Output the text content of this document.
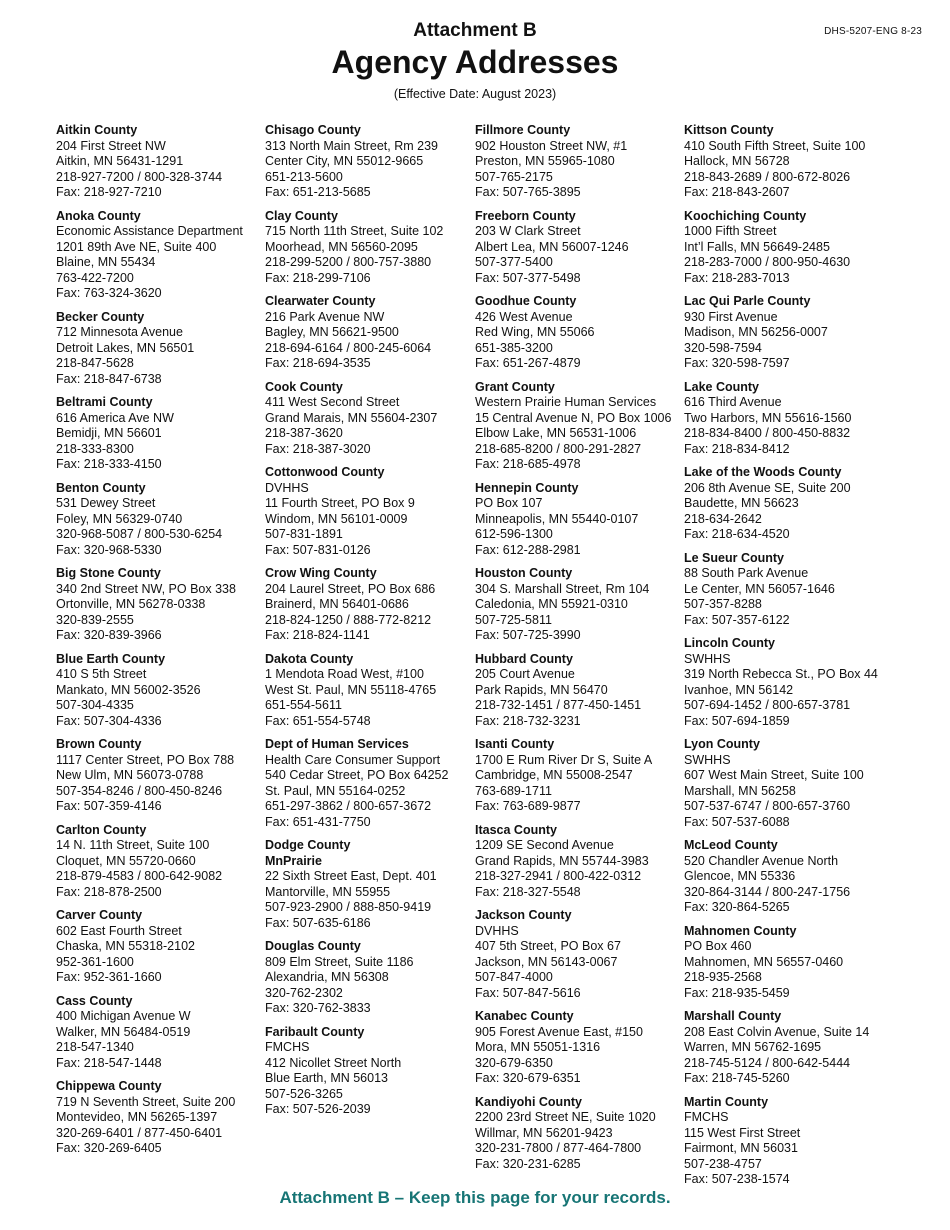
DHS-5207-ENG 8-23
Attachment B
Agency Addresses
(Effective Date: August 2023)
Aitkin County
204 First Street NW
Aitkin, MN 56431-1291
218-927-7200 / 800-328-3744
Fax: 218-927-7210
Anoka County
Economic Assistance Department
1201 89th Ave NE, Suite 400
Blaine, MN 55434
763-422-7200
Fax: 763-324-3620
Becker County
712 Minnesota Avenue
Detroit Lakes, MN 56501
218-847-5628
Fax: 218-847-6738
Beltrami County
616 America Ave NW
Bemidji, MN 56601
218-333-8300
Fax: 218-333-4150
Benton County
531 Dewey Street
Foley, MN 56329-0740
320-968-5087 / 800-530-6254
Fax: 320-968-5330
Big Stone County
340 2nd Street NW, PO Box 338
Ortonville, MN 56278-0338
320-839-2555
Fax: 320-839-3966
Blue Earth County
410 S 5th Street
Mankato, MN 56002-3526
507-304-4335
Fax: 507-304-4336
Brown County
1117 Center Street, PO Box 788
New Ulm, MN 56073-0788
507-354-8246 / 800-450-8246
Fax: 507-359-4146
Carlton County
14 N. 11th Street, Suite 100
Cloquet, MN 55720-0660
218-879-4583 / 800-642-9082
Fax: 218-878-2500
Carver County
602 East Fourth Street
Chaska, MN 55318-2102
952-361-1600
Fax: 952-361-1660
Cass County
400 Michigan Avenue W
Walker, MN 56484-0519
218-547-1340
Fax: 218-547-1448
Chippewa County
719 N Seventh Street, Suite 200
Montevideo, MN 56265-1397
320-269-6401 / 877-450-6401
Fax: 320-269-6405
Chisago County
313 North Main Street, Rm 239
Center City, MN 55012-9665
651-213-5600
Fax: 651-213-5685
Clay County
715 North 11th Street, Suite 102
Moorhead, MN 56560-2095
218-299-5200 / 800-757-3880
Fax: 218-299-7106
Clearwater County
216 Park Avenue NW
Bagley, MN 56621-9500
218-694-6164 / 800-245-6064
Fax: 218-694-3535
Cook County
411 West Second Street
Grand Marais, MN 55604-2307
218-387-3620
Fax: 218-387-3020
Cottonwood County
DVHHS
11 Fourth Street, PO Box 9
Windom, MN 56101-0009
507-831-1891
Fax: 507-831-0126
Crow Wing County
204 Laurel Street, PO Box 686
Brainerd, MN 56401-0686
218-824-1250 / 888-772-8212
Fax: 218-824-1141
Dakota County
1 Mendota Road West, #100
West St. Paul, MN 55118-4765
651-554-5611
Fax: 651-554-5748
Dept of Human Services
Health Care Consumer Support
540 Cedar Street, PO Box 64252
St. Paul, MN 55164-0252
651-297-3862 / 800-657-3672
Fax: 651-431-7750
Dodge County
MnPrairie
22 Sixth Street East, Dept. 401
Mantorville, MN 55955
507-923-2900 / 888-850-9419
Fax: 507-635-6186
Douglas County
809 Elm Street, Suite 1186
Alexandria, MN 56308
320-762-2302
Fax: 320-762-3833
Faribault County
FMCHS
412 Nicollet Street North
Blue Earth, MN 56013
507-526-3265
Fax: 507-526-2039
Fillmore County
902 Houston Street NW, #1
Preston, MN 55965-1080
507-765-2175
Fax: 507-765-3895
Freeborn County
203 W Clark Street
Albert Lea, MN 56007-1246
507-377-5400
Fax: 507-377-5498
Goodhue County
426 West Avenue
Red Wing, MN 55066
651-385-3200
Fax: 651-267-4879
Grant County
Western Prairie Human Services
15 Central Avenue N, PO Box 1006
Elbow Lake, MN 56531-1006
218-685-8200 / 800-291-2827
Fax: 218-685-4978
Hennepin County
PO Box 107
Minneapolis, MN 55440-0107
612-596-1300
Fax: 612-288-2981
Houston County
304 S. Marshall Street, Rm 104
Caledonia, MN 55921-0310
507-725-5811
Fax: 507-725-3990
Hubbard County
205 Court Avenue
Park Rapids, MN 56470
218-732-1451 / 877-450-1451
Fax: 218-732-3231
Isanti County
1700 E Rum River Dr S, Suite A
Cambridge, MN 55008-2547
763-689-1711
Fax: 763-689-9877
Itasca County
1209 SE Second Avenue
Grand Rapids, MN 55744-3983
218-327-2941 / 800-422-0312
Fax: 218-327-5548
Jackson County
DVHHS
407 5th Street, PO Box 67
Jackson, MN 56143-0067
507-847-4000
Fax: 507-847-5616
Kanabec County
905 Forest Avenue East, #150
Mora, MN 55051-1316
320-679-6350
Fax: 320-679-6351
Kandiyohi County
2200 23rd Street NE, Suite 1020
Willmar, MN 56201-9423
320-231-7800 / 877-464-7800
Fax: 320-231-6285
Kittson County
410 South Fifth Street, Suite 100
Hallock, MN 56728
218-843-2689 / 800-672-8026
Fax: 218-843-2607
Koochiching County
1000 Fifth Street
Int’l Falls, MN 56649-2485
218-283-7000 / 800-950-4630
Fax: 218-283-7013
Lac Qui Parle County
930 First Avenue
Madison, MN 56256-0007
320-598-7594
Fax: 320-598-7597
Lake County
616 Third Avenue
Two Harbors, MN 55616-1560
218-834-8400 / 800-450-8832
Fax: 218-834-8412
Lake of the Woods County
206 8th Avenue SE, Suite 200
Baudette, MN 56623
218-634-2642
Fax: 218-634-4520
Le Sueur County
88 South Park Avenue
Le Center, MN 56057-1646
507-357-8288
Fax: 507-357-6122
Lincoln County
SWHHS
319 North Rebecca St., PO Box 44
Ivanhoe, MN 56142
507-694-1452 / 800-657-3781
Fax: 507-694-1859
Lyon County
SWHHS
607 West Main Street, Suite 100
Marshall, MN 56258
507-537-6747 / 800-657-3760
Fax: 507-537-6088
McLeod County
520 Chandler Avenue North
Glencoe, MN 55336
320-864-3144 / 800-247-1756
Fax: 320-864-5265
Mahnomen County
PO Box 460
Mahnomen, MN 56557-0460
218-935-2568
Fax: 218-935-5459
Marshall County
208 East Colvin Avenue, Suite 14
Warren, MN 56762-1695
218-745-5124 / 800-642-5444
Fax: 218-745-5260
Martin County
FMCHS
115 West First Street
Fairmont, MN 56031
507-238-4757
Fax: 507-238-1574
Attachment B – Keep this page for your records.
